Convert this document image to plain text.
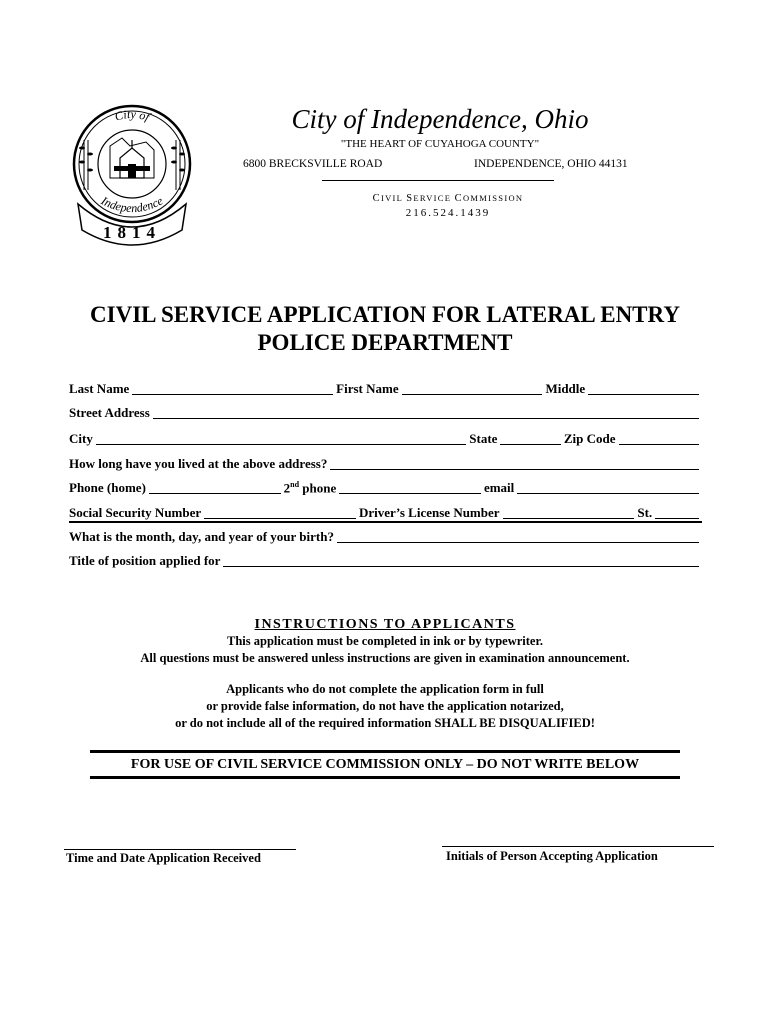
City of
Independence
1814
City of Independence, Ohio
"THE HEART OF CUYAHOGA COUNTY"
6800 BRECKSVILLE ROAD	INDEPENDENCE, OHIO 44131
CIVIL SERVICE COMMISSION
216.524.1439
CIVIL SERVICE APPLICATION FOR LATERAL ENTRY
POLICE DEPARTMENT
Last Name	First Name	Middle
Street Address
City	State	Zip Code
How long have you lived at the above address?
Phone (home)	2nd phone	email
Social Security Number	Driver’s License Number	St.
What is the month, day, and year of your birth?
Title of position applied for
INSTRUCTIONS TO APPLICANTS
This application must be completed in ink or by typewriter.
All questions must be answered unless instructions are given in examination announcement.
Applicants who do not complete the application form in full
or provide false information, do not have the application notarized,
or do not include all of the required information SHALL BE DISQUALIFIED!
FOR USE OF CIVIL SERVICE COMMISSION ONLY – DO NOT WRITE BELOW
Time and Date Application Received	Initials of Person Accepting Application
